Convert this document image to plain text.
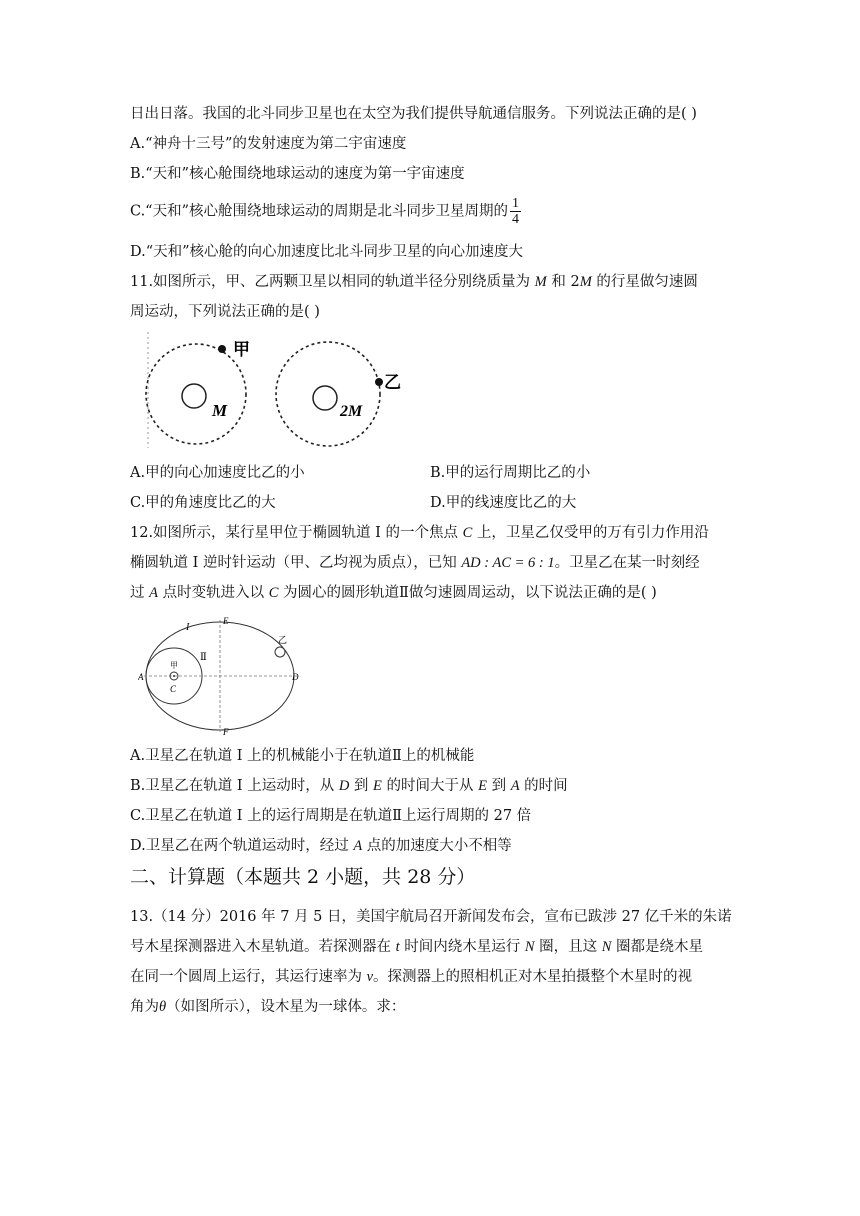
日出日落。我国的北斗同步卫星也在太空为我们提供导航通信服务。下列说法正确的是( )
A.“神舟十三号”的发射速度为第二宇宙速度
B.“天和”核心舱围绕地球运动的速度为第一宇宙速度
C.“天和”核心舱围绕地球运动的周期是北斗同步卫星周期的 $\frac{1}{4}$
D.“天和”核心舱的向心加速度比北斗同步卫星的向心加速度大
11.如图所示，甲、乙两颗卫星以相同的轨道半径分别绕质量为 M 和 2M 的行星做匀速圆
周运动，下列说法正确的是( )
M
甲
2M
乙
A.甲的向心加速度比乙的小	B.甲的运行周期比乙的小
C.甲的角速度比乙的大	D.甲的线速度比乙的大
12.如图所示，某行星甲位于椭圆轨道 I 的一个焦点 C 上，卫星乙仅受甲的万有引力作用沿
椭圆轨道 I 逆时针运动（甲、乙均视为质点），已知 AD : AC = 6 : 1。卫星乙在某一时刻经
过 A 点时变轨进入以 C 为圆心的圆形轨道Ⅱ做匀速圆周运动，以下说法正确的是( )
I
Ⅱ
E
F
A
C
D
甲
乙
A.卫星乙在轨道 I 上的机械能小于在轨道Ⅱ上的机械能
B.卫星乙在轨道 I 上运动时，从 D 到 E 的时间大于从 E 到 A 的时间
C.卫星乙在轨道 I 上的运行周期是在轨道Ⅱ上运行周期的 27 倍
D.卫星乙在两个轨道运动时，经过 A 点的加速度大小不相等
二、计算题（本题共 2 小题，共 28 分）
13.（14 分）2016 年 7 月 5 日，美国宇航局召开新闻发布会，宣布已跋涉 27 亿千米的朱诺
号木星探测器进入木星轨道。若探测器在 t 时间内绕木星运行 N 圈，且这 N 圈都是绕木星
在同一个圆周上运行，其运行速率为 v。探测器上的照相机正对木星拍摄整个木星时的视
角为θ（如图所示），设木星为一球体。求：
